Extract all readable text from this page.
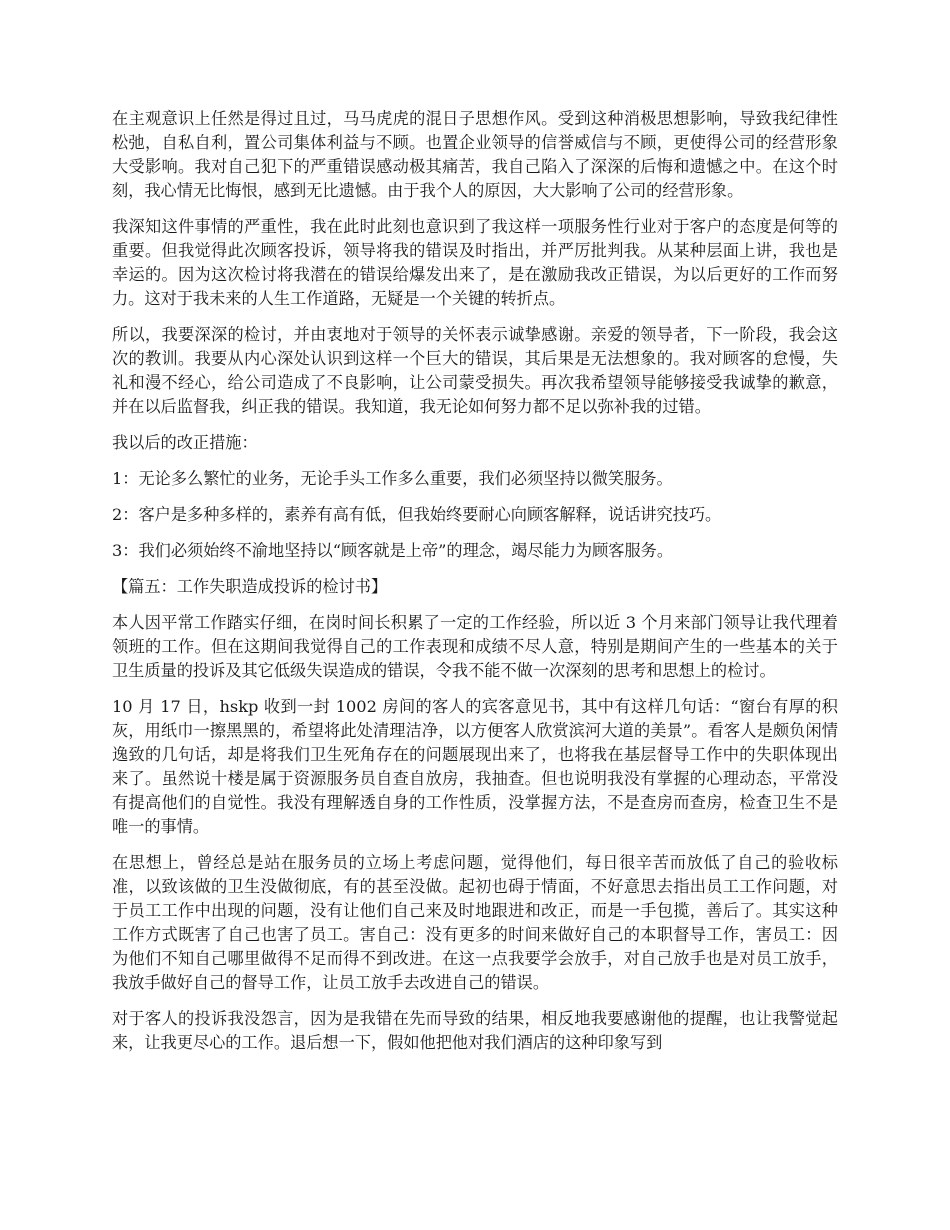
在主观意识上任然是得过且过，马马虎虎的混日子思想作风。受到这种消极思想影响，导致我纪律性松弛，自私自利，置公司集体利益与不顾。也置企业领导的信誉威信与不顾，更使得公司的经营形象大受影响。我对自己犯下的严重错误感动极其痛苦，我自己陷入了深深的后悔和遗憾之中。在这个时刻，我心情无比悔恨，感到无比遗憾。由于我个人的原因，大大影响了公司的经营形象。

我深知这件事情的严重性，我在此时此刻也意识到了我这样一项服务性行业对于客户的态度是何等的重要。但我觉得此次顾客投诉，领导将我的错误及时指出，并严厉批判我。从某种层面上讲，我也是幸运的。因为这次检讨将我潜在的错误给爆发出来了，是在激励我改正错误，为以后更好的工作而努力。这对于我未来的人生工作道路，无疑是一个关键的转折点。

所以，我要深深的检讨，并由衷地对于领导的关怀表示诚挚感谢。亲爱的领导者，下一阶段，我会这次的教训。我要从内心深处认识到这样一个巨大的错误，其后果是无法想象的。我对顾客的怠慢，失礼和漫不经心，给公司造成了不良影响，让公司蒙受损失。再次我希望领导能够接受我诚挚的歉意，并在以后监督我，纠正我的错误。我知道，我无论如何努力都不足以弥补我的过错。

我以后的改正措施：

1：无论多么繁忙的业务，无论手头工作多么重要，我们必须坚持以微笑服务。

2：客户是多种多样的，素养有高有低，但我始终要耐心向顾客解释，说话讲究技巧。

3：我们必须始终不渝地坚持以“顾客就是上帝”的理念，竭尽能力为顾客服务。

【篇五：工作失职造成投诉的检讨书】

本人因平常工作踏实仔细，在岗时间长积累了一定的工作经验，所以近 3 个月来部门领导让我代理着领班的工作。但在这期间我觉得自己的工作表现和成绩不尽人意，特别是期间产生的一些基本的关于卫生质量的投诉及其它低级失误造成的错误，令我不能不做一次深刻的思考和思想上的检讨。

10 月 17 日，hskp 收到一封 1002 房间的客人的宾客意见书，其中有这样几句话：“窗台有厚的积灰，用纸巾一擦黑黑的，希望将此处清理洁净，以方便客人欣赏滨河大道的美景”。看客人是颇负闲情逸致的几句话，却是将我们卫生死角存在的问题展现出来了，也将我在基层督导工作中的失职体现出来了。虽然说十楼是属于资源服务员自查自放房，我抽查。但也说明我没有掌握的心理动态，平常没有提高他们的自觉性。我没有理解透自身的工作性质，没掌握方法，不是查房而查房，检查卫生不是唯一的事情。

在思想上，曾经总是站在服务员的立场上考虑问题，觉得他们，每日很辛苦而放低了自己的验收标准，以致该做的卫生没做彻底，有的甚至没做。起初也碍于情面，不好意思去指出员工工作问题，对于员工工作中出现的问题，没有让他们自己来及时地跟进和改正，而是一手包揽，善后了。其实这种工作方式既害了自己也害了员工。害自己：没有更多的时间来做好自己的本职督导工作，害员工：因为他们不知自己哪里做得不足而得不到改进。在这一点我要学会放手，对自己放手也是对员工放手，我放手做好自己的督导工作，让员工放手去改进自己的错误。

对于客人的投诉我没怨言，因为是我错在先而导致的结果，相反地我要感谢他的提醒，也让我警觉起来，让我更尽心的工作。退后想一下，假如他把他对我们酒店的这种印象写到
